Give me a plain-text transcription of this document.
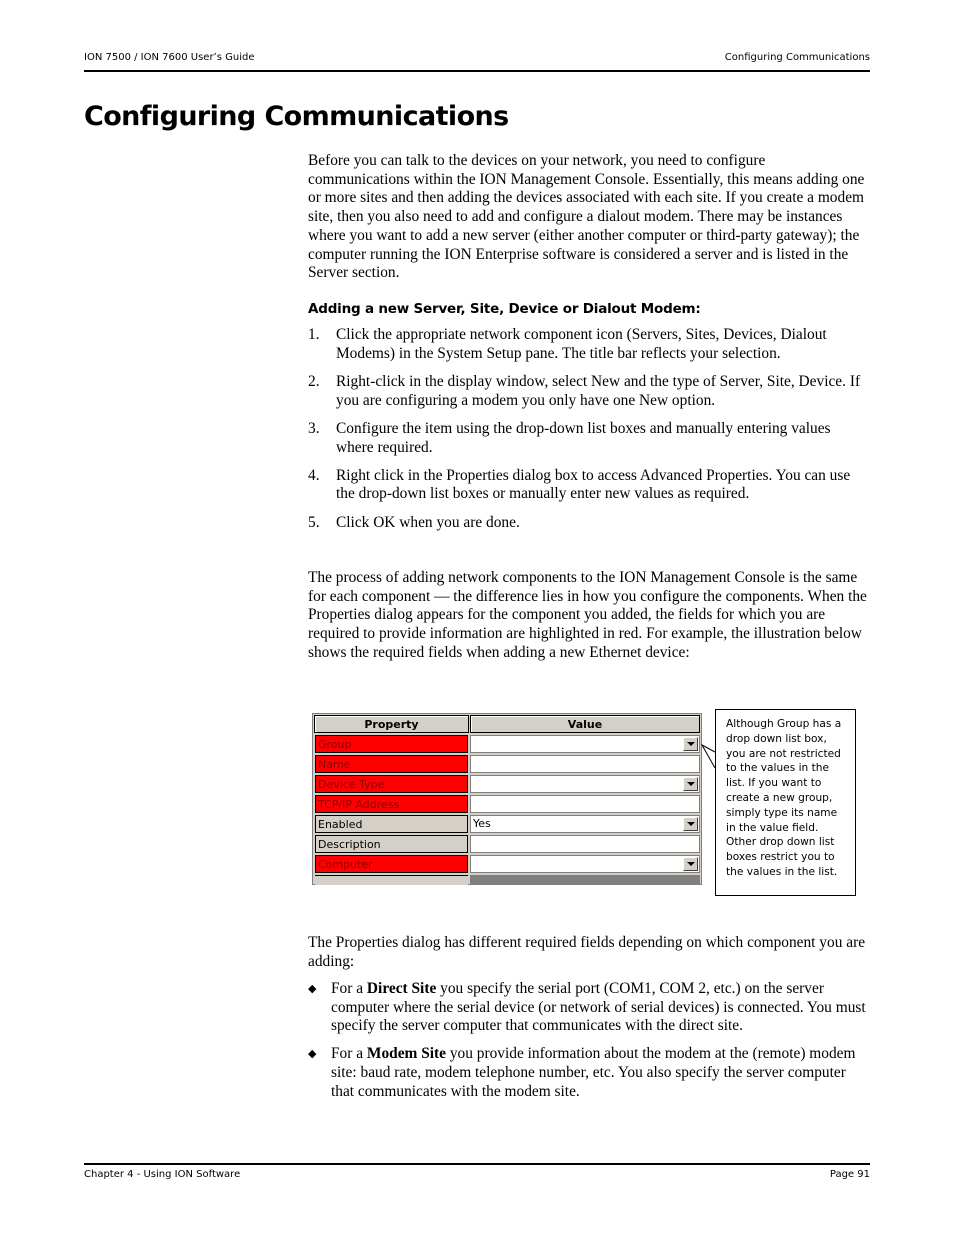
ION 7500 / ION 7600 User’s Guide	Configuring Communications
Configuring Communications
Before you can talk to the devices on your network, you need to configure communications within the ION Management Console. Essentially, this means adding one or more sites and then adding the devices associated with each site. If you create a modem site, then you also need to add and configure a dialout modem. There may be instances where you want to add a new server (either another computer or third-party gateway); the computer running the ION Enterprise software is considered a server and is listed in the Server section.
Adding a new Server, Site, Device or Dialout Modem:
1. Click the appropriate network component icon (Servers, Sites, Devices, Dialout Modems) in the System Setup pane. The title bar reflects your selection.
2. Right-click in the display window, select New and the type of Server, Site, Device. If you are configuring a modem you only have one New option.
3. Configure the item using the drop-down list boxes and manually entering values where required.
4. Right click in the Properties dialog box to access Advanced Properties. You can use the drop-down list boxes or manually enter new values as required.
5. Click OK when you are done.
The process of adding network components to the ION Management Console is the same for each component — the difference lies in how you configure the components. When the Properties dialog appears for the component you added, the fields for which you are required to provide information are highlighted in red. For example, the illustration below shows the required fields when adding a new Ethernet device:
Property	Value
Group
Name
Device Type
TCP/IP Address
Enabled	Yes
Description
Computer
Although Group has a drop down list box, you are not restricted to the values in the list. If you want to create a new group, simply type its name in the value field. Other drop down list boxes restrict you to the values in the list.
The Properties dialog has different required fields depending on which component you are adding:
◆ For a Direct Site you specify the serial port (COM1, COM 2, etc.) on the server computer where the serial device (or network of serial devices) is connected. You must specify the server computer that communicates with the direct site.
◆ For a Modem Site you provide information about the modem at the (remote) modem site: baud rate, modem telephone number, etc. You also specify the server computer that communicates with the modem site.
Chapter 4 - Using ION Software	Page 91
